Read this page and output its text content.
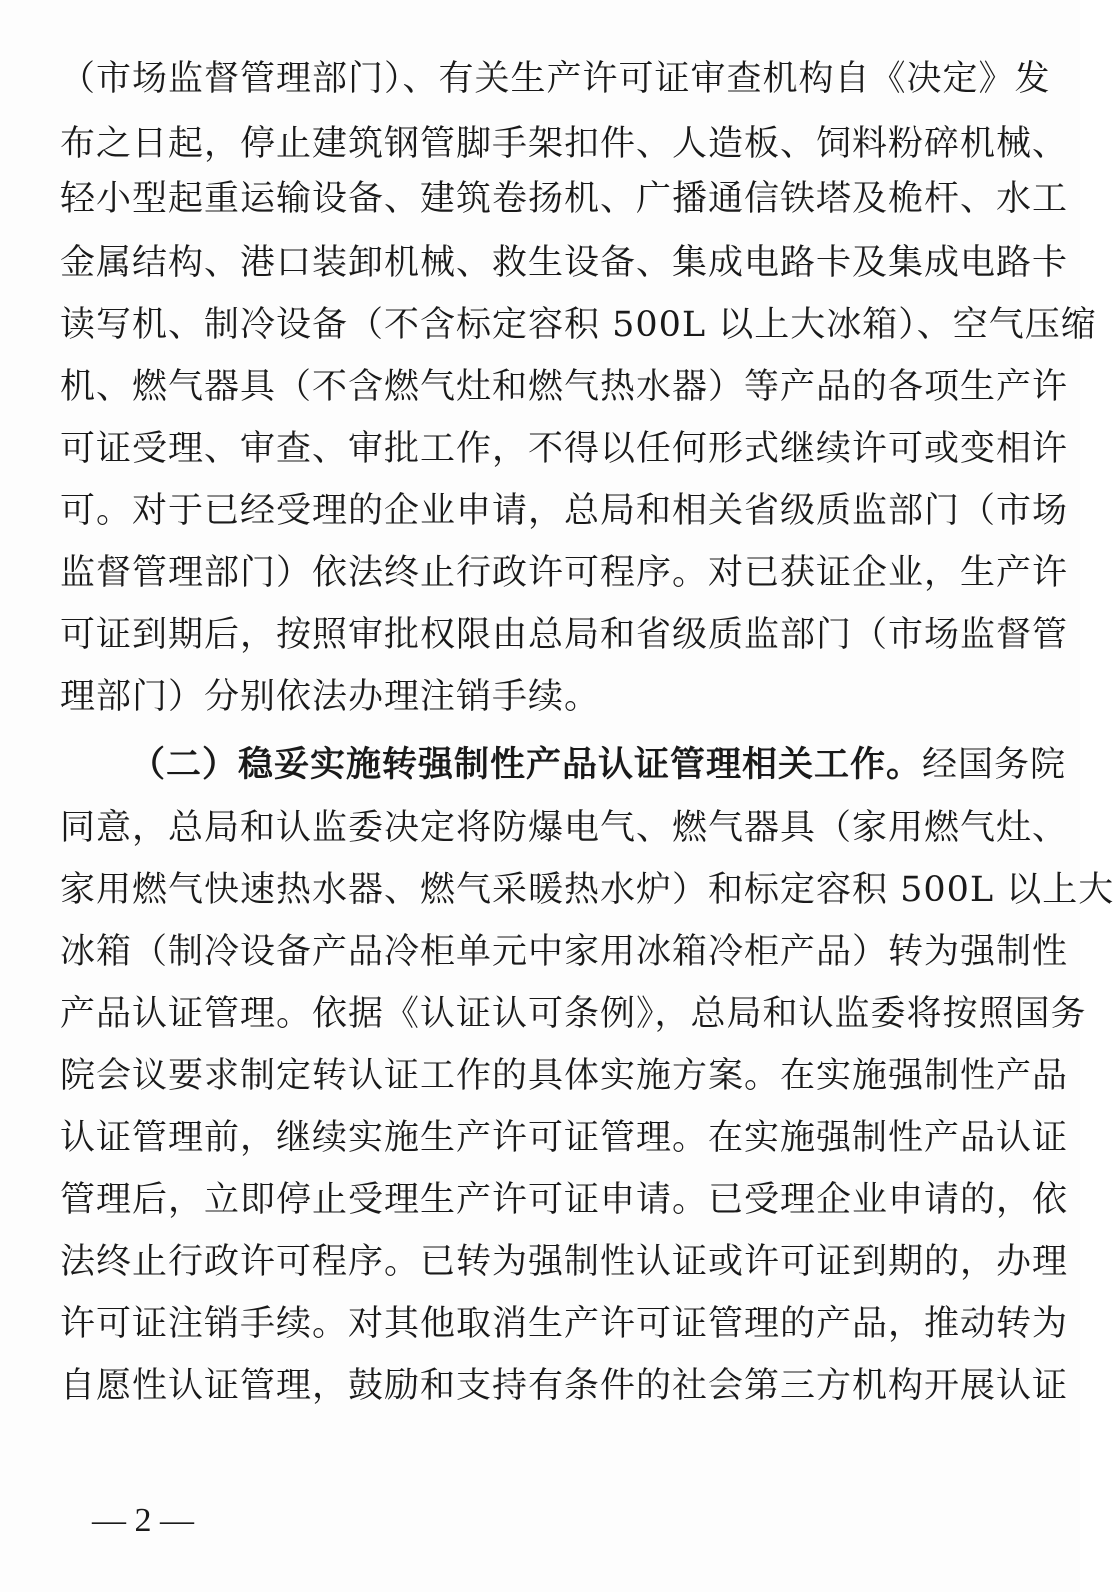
（市场监督管理部门）、有关生产许可证审查机构自《决定》发
布之日起，停止建筑钢管脚手架扣件、人造板、饲料粉碎机械、
轻小型起重运输设备、建筑卷扬机、广播通信铁塔及桅杆、水工
金属结构、港口装卸机械、救生设备、集成电路卡及集成电路卡
读写机、制冷设备（不含标定容积 500L 以上大冰箱）、空气压缩
机、燃气器具（不含燃气灶和燃气热水器）等产品的各项生产许
可证受理、审查、审批工作，不得以任何形式继续许可或变相许
可。对于已经受理的企业申请，总局和相关省级质监部门（市场
监督管理部门）依法终止行政许可程序。对已获证企业，生产许
可证到期后，按照审批权限由总局和省级质监部门（市场监督管
理部门）分别依法办理注销手续。
（二）稳妥实施转强制性产品认证管理相关工作。经国务院
同意，总局和认监委决定将防爆电气、燃气器具（家用燃气灶、
家用燃气快速热水器、燃气采暖热水炉）和标定容积 500L 以上大
冰箱（制冷设备产品冷柜单元中家用冰箱冷柜产品）转为强制性
产品认证管理。依据《认证认可条例》，总局和认监委将按照国务
院会议要求制定转认证工作的具体实施方案。在实施强制性产品
认证管理前，继续实施生产许可证管理。在实施强制性产品认证
管理后，立即停止受理生产许可证申请。已受理企业申请的，依
法终止行政许可程序。已转为强制性认证或许可证到期的，办理
许可证注销手续。对其他取消生产许可证管理的产品，推动转为
自愿性认证管理，鼓励和支持有条件的社会第三方机构开展认证
— 2 —
